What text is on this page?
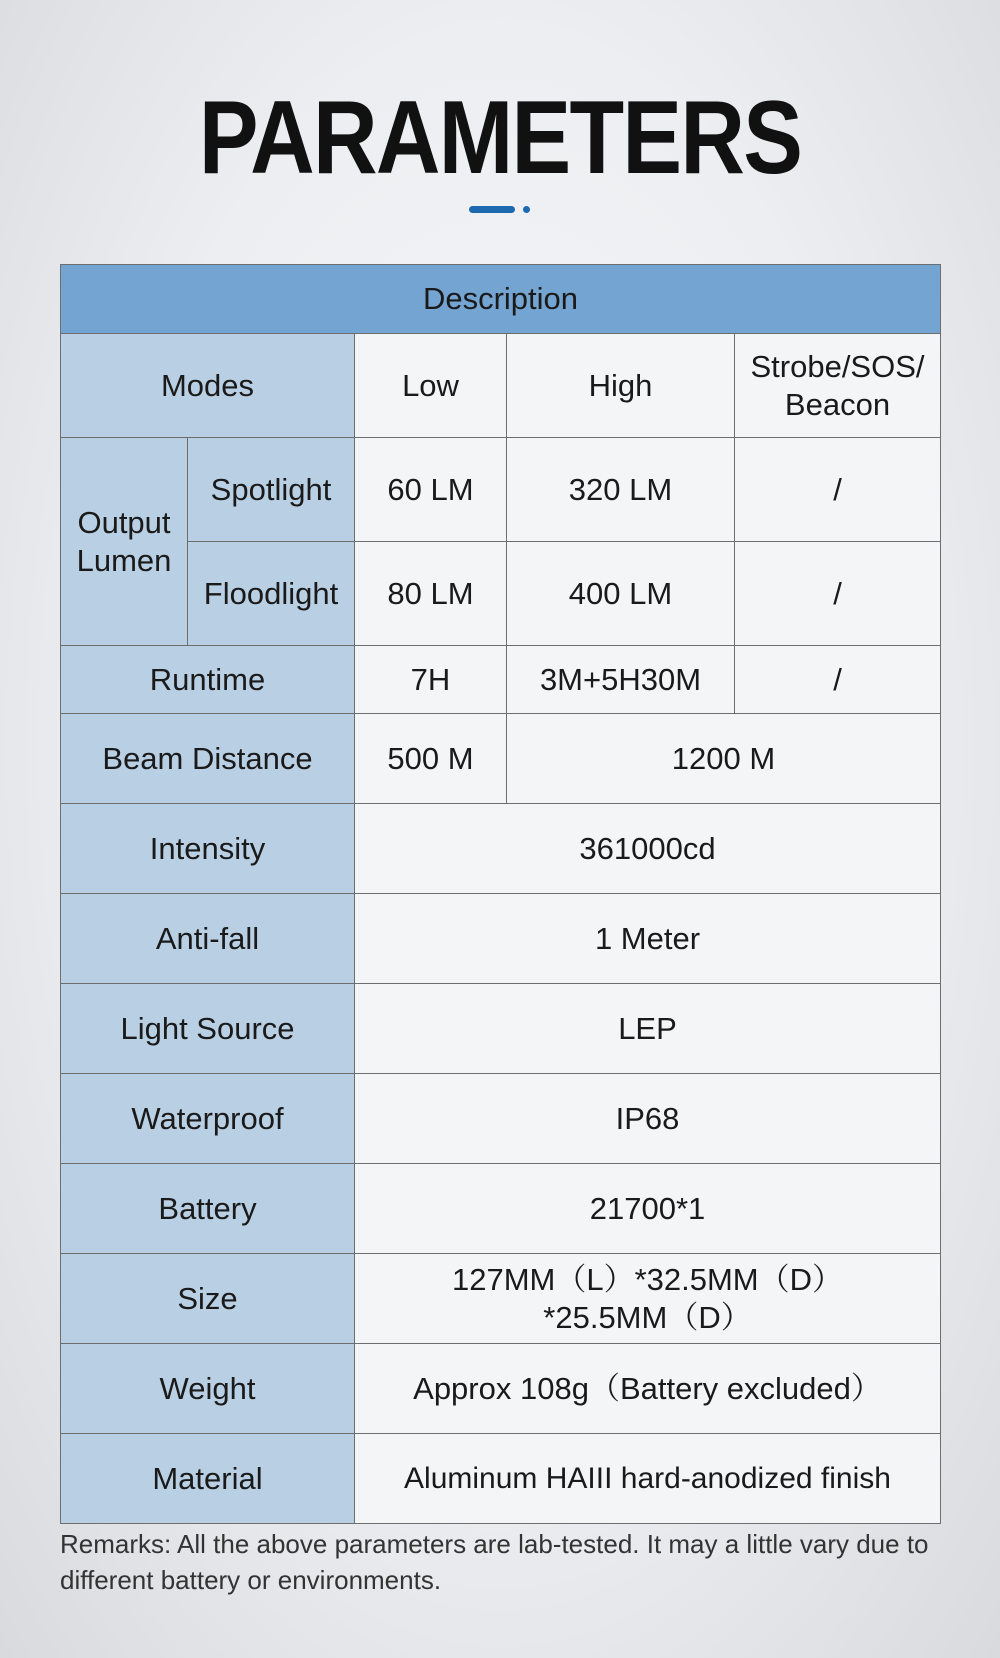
PARAMETERS
Description				
Modes		Low	High	Strobe/SOS/ Beacon
Output Lumen	Spotlight	60 LM	320 LM	/
	Floodlight	80 LM	400 LM	/
Runtime		7H	3M+5H30M	/
Beam Distance		500 M	1200 M	
Intensity		361000cd		
Anti-fall		1 Meter		
Light Source		LEP		
Waterproof		IP68		
Battery		21700*1		
Size		127MM（L）*32.5MM（D）*25.5MM（D）		
Weight		Approx 108g（Battery excluded）		
Material		Aluminum HAIII hard-anodized finish		
Remarks: All the above parameters are lab-tested. It may a little vary due to different battery or environments.
